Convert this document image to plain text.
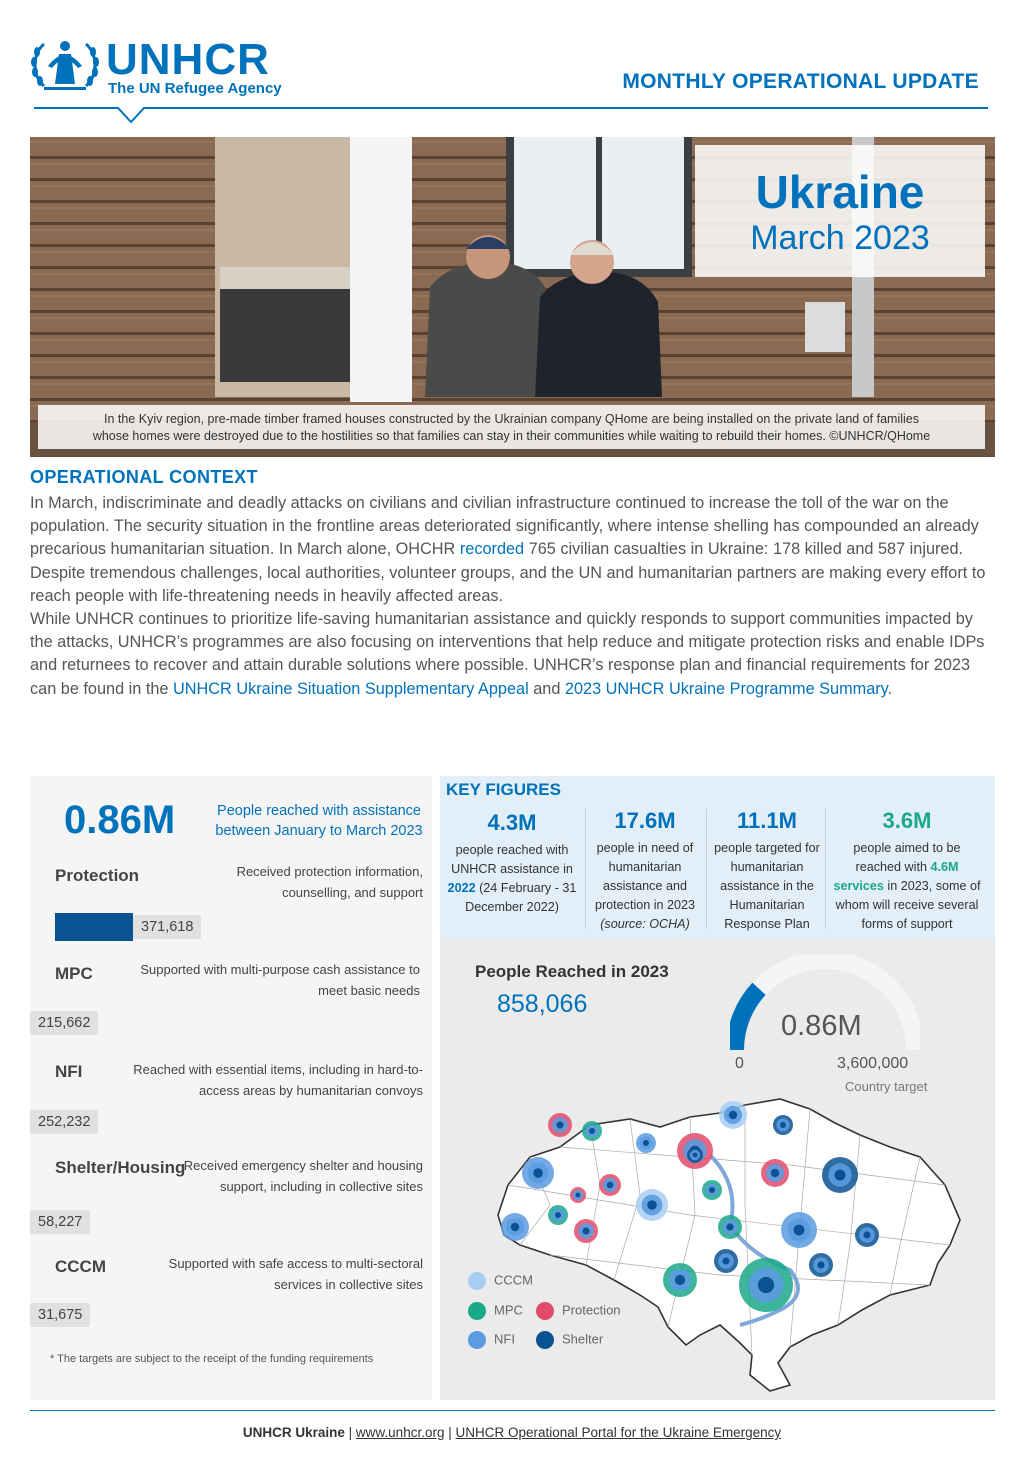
UNHCR
The UN Refugee Agency	MONTHLY OPERATIONAL UPDATE
Ukraine
March 2023
In the Kyiv region, pre-made timber framed houses constructed by the Ukrainian company QHome are being installed on the private land of families
whose homes were destroyed due to the hostilities so that families can stay in their communities while waiting to rebuild their homes. ©UNHCR/QHome
OPERATIONAL CONTEXT

In March, indiscriminate and deadly attacks on civilians and civilian infrastructure continued to increase the toll of the war on the population. The security situation in the frontline areas deteriorated significantly, where intense shelling has compounded an already precarious humanitarian situation. In March alone, OHCHR recorded 765 civilian casualties in Ukraine: 178 killed and 587 injured. Despite tremendous challenges, local authorities, volunteer groups, and the UN and humanitarian partners are making every effort to reach people with life-threatening needs in heavily affected areas.

While UNHCR continues to prioritize life-saving humanitarian assistance and quickly responds to support communities impacted by the attacks, UNHCR’s programmes are also focusing on interventions that help reduce and mitigate protection risks and enable IDPs and returnees to recover and attain durable solutions where possible. UNHCR’s response plan and financial requirements for 2023 can be found in the UNHCR Ukraine Situation Supplementary Appeal and 2023 UNHCR Ukraine Programme Summary.

0.86M	People reached with assistance between January to March 2023
Protection	Received protection information, counselling, and support
371,618
MPC	Supported with multi-purpose cash assistance to meet basic needs
215,662
NFI	Reached with essential items, including in hard-to-access areas by humanitarian convoys
252,232
Shelter/Housing
Received emergency shelter and housing support, including in collective sites
58,227
CCCM	Supported with safe access to multi-sectoral services in collective sites
31,675
* The targets are subject to the receipt of the funding requirements
KEY FIGURES
4.3M
people reached with UNHCR assistance in 2022 (24 February - 31 December 2022)
17.6M
people in need of humanitarian assistance and protection in 2023
(source: OCHA)
11.1M
people targeted for humanitarian assistance in the Humanitarian Response Plan
3.6M
people aimed to be reached with 4.6M services in 2023, some of whom will receive several forms of support
People Reached in 2023
858,066
0.86M
0	3,600,000
Country target
CCCM
MPC	Protection
NFI	Shelter
UNHCR Ukraine | www.unhcr.org | UNHCR Operational Portal for the Ukraine Emergency
